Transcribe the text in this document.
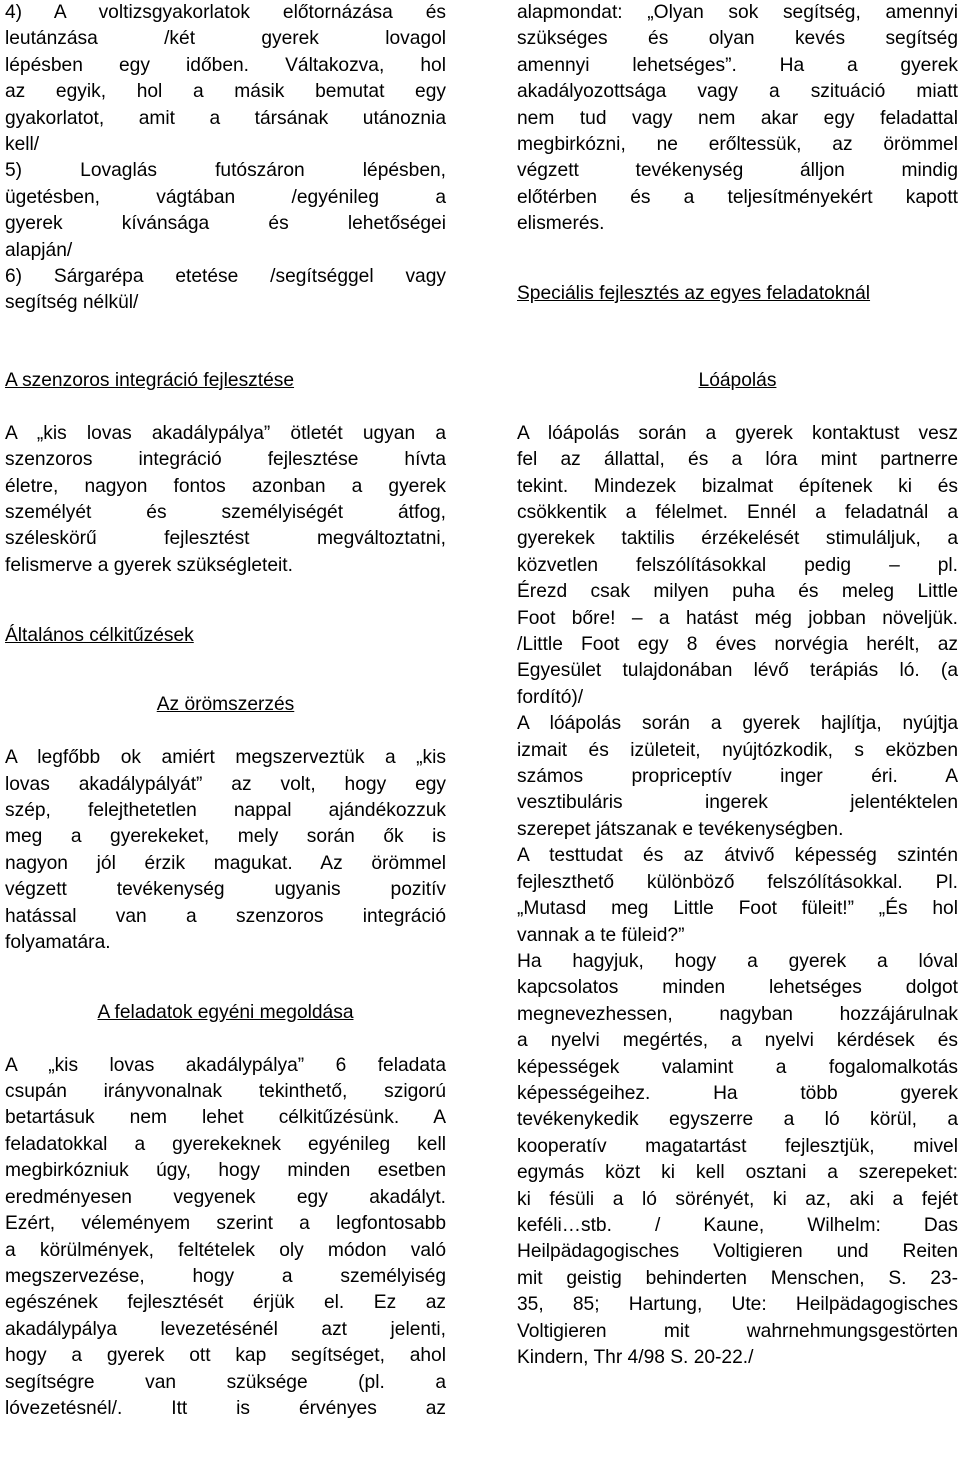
4) A voltizsgyakorlatok előtornázása és
leutánzása /két gyerek lovagol
lépésben egy időben. Váltakozva, hol
az egyik, hol a másik bemutat egy
gyakorlatot, amit a társának utánoznia
kell/
5) Lovaglás futószáron lépésben,
ügetésben, vágtában /egyénileg a
gyerek kívánsága és lehetőségei
alapján/
6) Sárgarépa etetése /segítséggel vagy
segítség nélkül/

alapmondat: „Olyan sok segítség, amennyi
szükséges és olyan kevés segítség
amennyi lehetséges”. Ha a gyerek
akadályozottsága vagy a szituáció miatt
nem tud vagy nem akar egy feladattal
megbirkózni, ne erőltessük, az örömmel
végzett tevékenység álljon mindig
előtérben és a teljesítményekért kapott
elismerés.

Speciális fejlesztés az egyes feladatoknál

A szenzoros integráció fejlesztése

A „kis lovas akadálypálya” ötletét ugyan a
szenzoros integráció fejlesztése hívta
életre, nagyon fontos azonban a gyerek
személyét és személyiségét átfog,
széleskörű fejlesztést megváltoztatni,
felismerve a gyerek szükségleteit.

Általános célkitűzések

Az örömszerzés

A legfőbb ok amiért megszerveztük a „kis
lovas akadálypályát” az volt, hogy egy
szép, felejthetetlen nappal ajándékozzuk
meg a gyerekeket, mely során ők is
nagyon jól érzik magukat. Az örömmel
végzett tevékenység ugyanis pozitív
hatással van a szenzoros integráció
folyamatára.

A feladatok egyéni megoldása

A „kis lovas akadálypálya” 6 feladata
csupán irányvonalnak tekinthető, szigorú
betartásuk nem lehet célkitűzésünk. A
feladatokkal a gyerekeknek egyénileg kell
megbirkózniuk úgy, hogy minden esetben
eredményesen vegyenek egy akadályt.
Ezért, véleményem szerint a legfontosabb
a körülmények, feltételek oly módon való
megszervezése, hogy a személyiség
egészének fejlesztését érjük el. Ez az
akadálypálya levezetésénél azt jelenti,
hogy a gyerek ott kap segítséget, ahol
segítségre van szüksége (pl. a
lóvezetésnél/. Itt is érvényes az

Lóápolás

A lóápolás során a gyerek kontaktust vesz
fel az állattal, és a lóra mint partnerre
tekint. Mindezek bizalmat építenek ki és
csökkentik a félelmet. Ennél a feladatnál a
gyerekek taktilis érzékelését stimuláljuk, a
közvetlen felszólításokkal pedig – pl.
Érezd csak milyen puha és meleg Little
Foot bőre! – a hatást még jobban növeljük.
/Little Foot egy 8 éves norvégia herélt, az
Egyesület tulajdonában lévő terápiás ló. (a
fordító)/
A lóápolás során a gyerek hajlítja, nyújtja
izmait és izületeit, nyújtózkodik, s eközben
számos propriceptív inger éri. A
vesztibuláris ingerek jelentéktelen
szerepet játszanak e tevékenységben.
A testtudat és az átvivő képesség szintén
fejleszthető különböző felszólításokkal. Pl.
„Mutasd meg Little Foot füleit!” „És hol
vannak a te füleid?”
Ha hagyjuk, hogy a gyerek a lóval
kapcsolatos minden lehetséges dolgot
megnevezhessen, nagyban hozzájárulnak
a nyelvi megértés, a nyelvi kérdések és
képességek valamint a fogalomalkotás
képességeihez. Ha több gyerek
tevékenykedik egyszerre a ló körül, a
kooperatív magatartást fejlesztjük, mivel
egymás közt ki kell osztani a szerepeket:
ki fésüli a ló sörényét, ki az, aki a fejét
keféli…stb. / Kaune, Wilhelm: Das
Heilpädagogisches Voltigieren und Reiten
mit geistig behinderten Menschen, S. 23-
35, 85; Hartung, Ute: Heilpädagogisches
Voltigieren mit wahrnehmungsgestörten
Kindern, Thr 4/98 S. 20-22./
